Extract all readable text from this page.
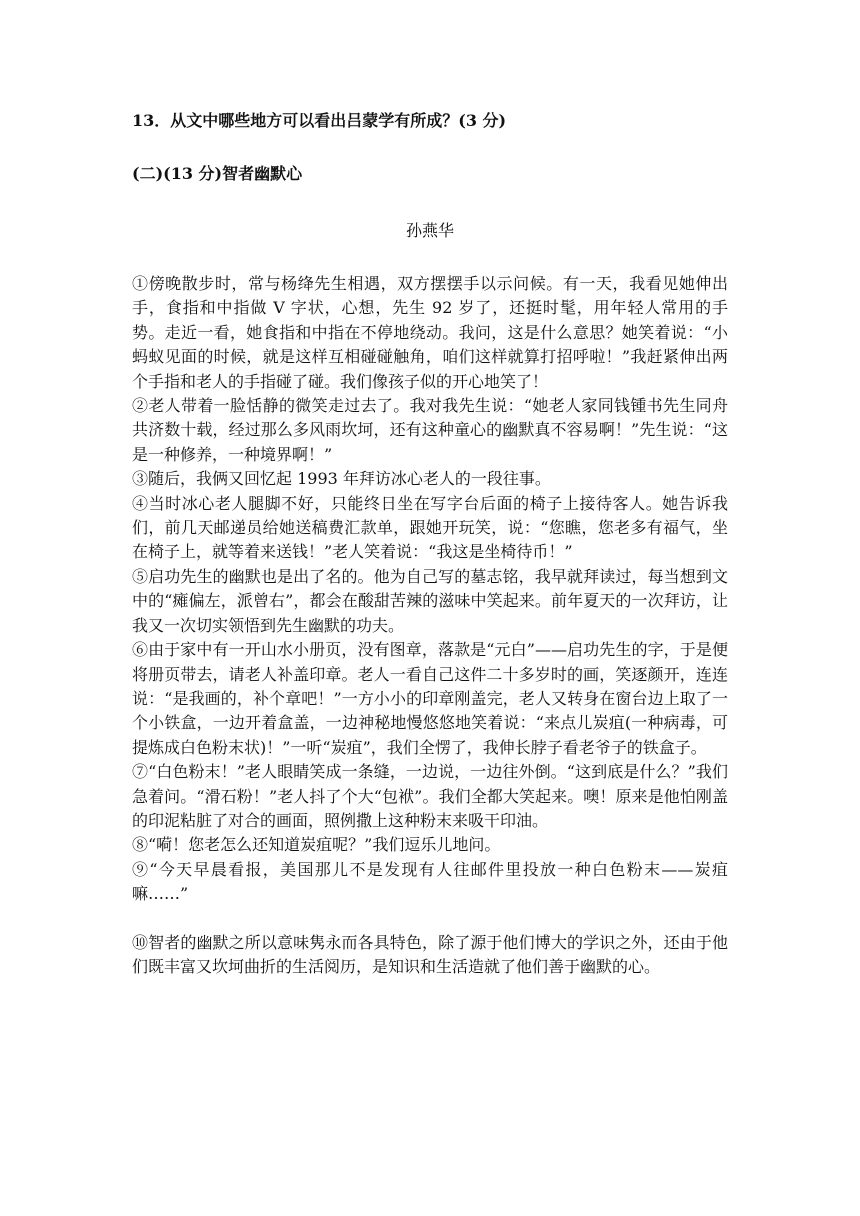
13．从文中哪些地方可以看出吕蒙学有所成？(3 分)
(二)(13 分)智者幽默心
孙燕华

①傍晚散步时，常与杨绛先生相遇，双方摆摆手以示问候。有一天，我看见她伸出手，食指和中指做 V 字状，心想，先生 92 岁了，还挺时髦，用年轻人常用的手势。走近一看，她食指和中指在不停地绕动。我问，这是什么意思？她笑着说：“小蚂蚁见面的时候，就是这样互相碰碰触角，咱们这样就算打招呼啦！”我赶紧伸出两个手指和老人的手指碰了碰。我们像孩子似的开心地笑了！

②老人带着一脸恬静的微笑走过去了。我对我先生说：“她老人家同钱锺书先生同舟共济数十载，经过那么多风雨坎坷，还有这种童心的幽默真不容易啊！”先生说：“这是一种修养，一种境界啊！”

③随后，我俩又回忆起 1993 年拜访冰心老人的一段往事。

④当时冰心老人腿脚不好，只能终日坐在写字台后面的椅子上接待客人。她告诉我们，前几天邮递员给她送稿费汇款单，跟她开玩笑，说：“您瞧，您老多有福气，坐在椅子上，就等着来送钱！”老人笑着说：“我这是坐椅待币！”

⑤启功先生的幽默也是出了名的。他为自己写的墓志铭，我早就拜读过，每当想到文中的“瘫偏左，派曾右”，都会在酸甜苦辣的滋味中笑起来。前年夏天的一次拜访，让我又一次切实领悟到先生幽默的功夫。

⑥由于家中有一开山水小册页，没有图章，落款是“元白”——启功先生的字，于是便将册页带去，请老人补盖印章。老人一看自己这件二十多岁时的画，笑逐颜开，连连说：“是我画的，补个章吧！”一方小小的印章刚盖完，老人又转身在窗台边上取了一个小铁盒，一边开着盒盖，一边神秘地慢悠悠地笑着说：“来点儿炭疽(一种病毒，可提炼成白色粉末状)！”一听“炭疽”，我们全愣了，我伸长脖子看老爷子的铁盒子。

⑦“白色粉末！”老人眼睛笑成一条缝，一边说，一边往外倒。“这到底是什么？”我们急着问。“滑石粉！”老人抖了个大“包袱”。我们全都大笑起来。噢！原来是他怕刚盖的印泥粘脏了对合的画面，照例撒上这种粉末来吸干印油。

⑧“嗬！您老怎么还知道炭疽呢？”我们逗乐儿地问。

⑨“今天早晨看报，美国那儿不是发现有人往邮件里投放一种白色粉末——炭疽嘛……”

⑩智者的幽默之所以意味隽永而各具特色，除了源于他们博大的学识之外，还由于他们既丰富又坎坷曲折的生活阅历，是知识和生活造就了他们善于幽默的心。
